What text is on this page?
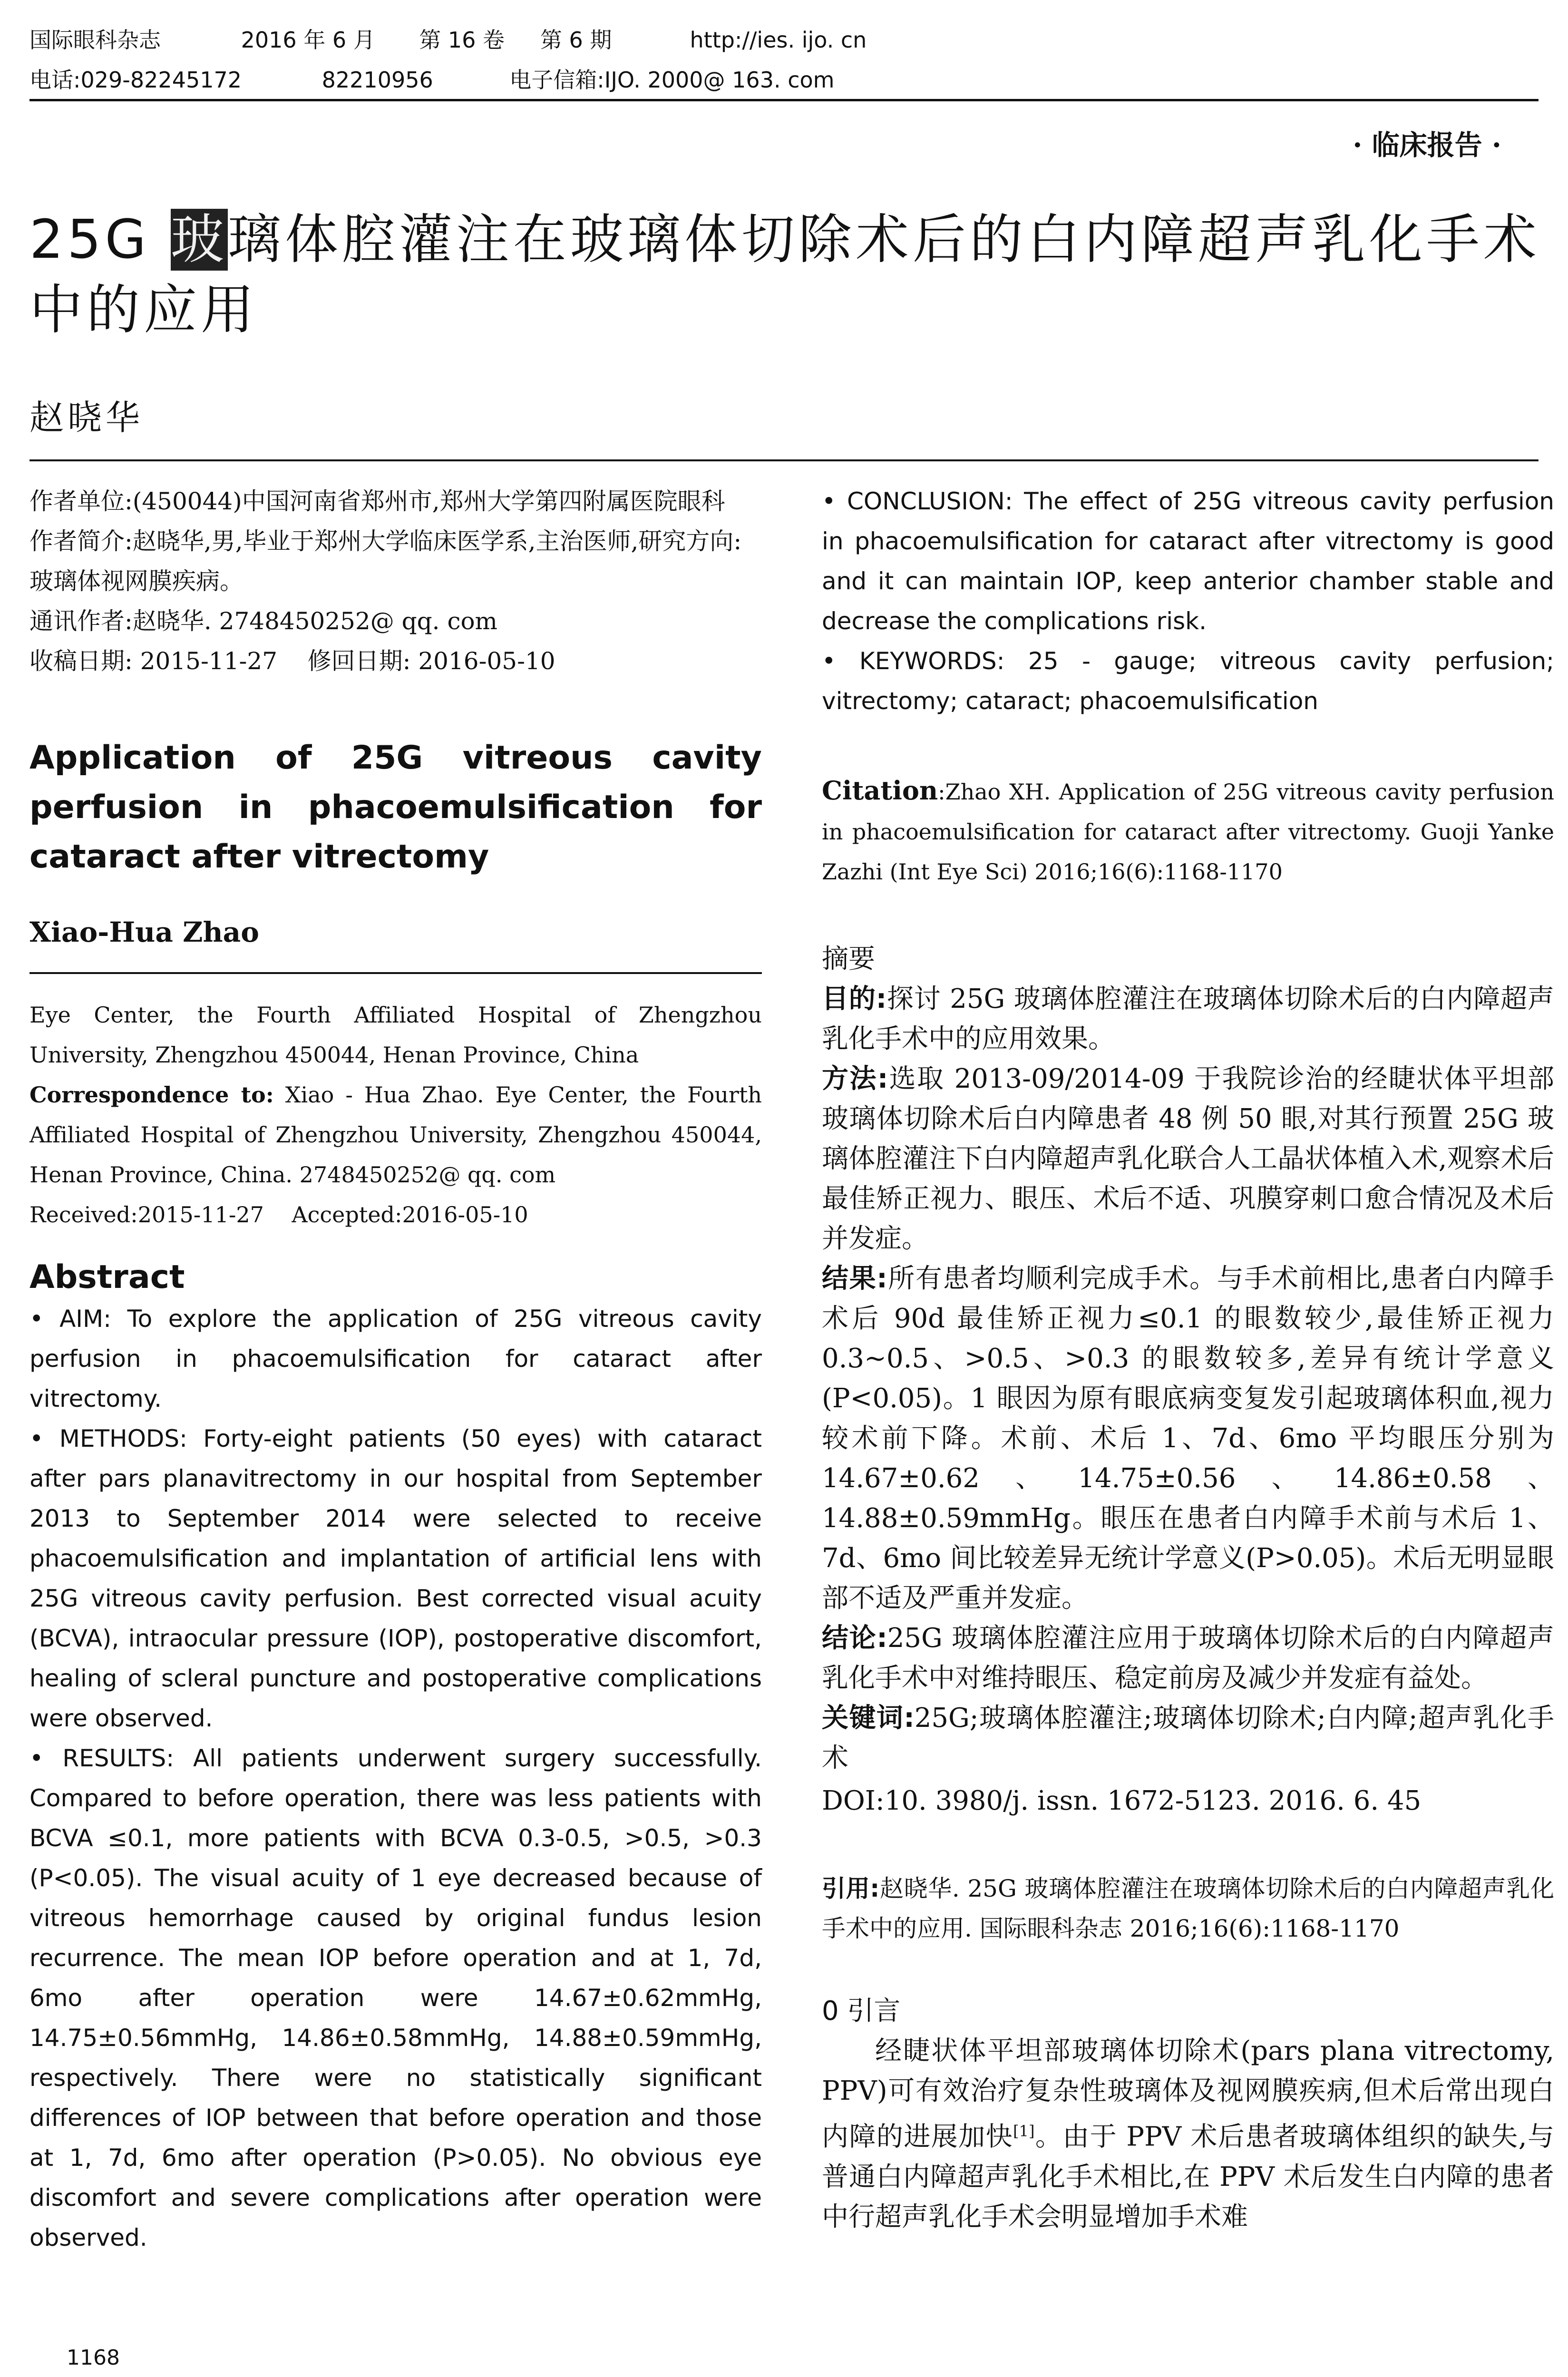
国际眼科杂志	2016 年 6 月 第 16 卷 第 6 期	http://ies. ijo. cn
电话:029-82245172	82210956	电子信箱:IJO. 2000@ 163. com
· 临床报告 ·
25G 玻璃体腔灌注在玻璃体切除术后的白内障超声乳化手术中的应用
赵晓华
作者单位:(450044)中国河南省郑州市,郑州大学第四附属医院眼科
作者简介:赵晓华,男,毕业于郑州大学临床医学系,主治医师,研究方向:玻璃体视网膜疾病。
通讯作者:赵晓华. 2748450252@ qq. com
收稿日期: 2015-11-27    修回日期: 2016-05-10
Application of 25G vitreous cavity perfusion in phacoemulsification for cataract after vitrectomy
Xiao-Hua Zhao
Eye Center, the Fourth Affiliated Hospital of Zhengzhou University, Zhengzhou 450044, Henan Province, China
Correspondence to: Xiao - Hua Zhao. Eye Center, the Fourth Affiliated Hospital of Zhengzhou University, Zhengzhou 450044, Henan Province, China. 2748450252@ qq. com
Received:2015-11-27    Accepted:2016-05-10
Abstract

• AIM: To explore the application of 25G vitreous cavity perfusion in phacoemulsification for cataract after vitrectomy.

• METHODS: Forty-eight patients (50 eyes) with cataract after pars planavitrectomy in our hospital from September 2013 to September 2014 were selected to receive phacoemulsification and implantation of artificial lens with 25G vitreous cavity perfusion. Best corrected visual acuity (BCVA), intraocular pressure (IOP), postoperative discomfort, healing of scleral puncture and postoperative complications were observed.

• RESULTS: All patients underwent surgery successfully. Compared to before operation, there was less patients with BCVA ≤0.1, more patients with BCVA 0.3-0.5, >0.5, >0.3 (P<0.05). The visual acuity of 1 eye decreased because of vitreous hemorrhage caused by original fundus lesion recurrence. The mean IOP before operation and at 1, 7d, 6mo after operation were 14.67±0.62mmHg, 14.75±0.56mmHg, 14.86±0.58mmHg, 14.88±0.59mmHg, respectively. There were no statistically significant differences of IOP between that before operation and those at 1, 7d, 6mo after operation (P>0.05). No obvious eye discomfort and severe complications after operation were observed.

• CONCLUSION: The effect of 25G vitreous cavity perfusion in phacoemulsification for cataract after vitrectomy is good and it can maintain IOP, keep anterior chamber stable and decrease the complications risk.

• KEYWORDS: 25 - gauge; vitreous cavity perfusion; vitrectomy; cataract; phacoemulsification

Citation:Zhao XH. Application of 25G vitreous cavity perfusion in phacoemulsification for cataract after vitrectomy. Guoji Yanke Zazhi (Int Eye Sci) 2016;16(6):1168-1170
摘要
目的:探讨 25G 玻璃体腔灌注在玻璃体切除术后的白内障超声乳化手术中的应用效果。
方法:选取 2013-09/2014-09 于我院诊治的经睫状体平坦部玻璃体切除术后白内障患者 48 例 50 眼,对其行预置 25G 玻璃体腔灌注下白内障超声乳化联合人工晶状体植入术,观察术后最佳矫正视力、眼压、术后不适、巩膜穿刺口愈合情况及术后并发症。
结果:所有患者均顺利完成手术。与手术前相比,患者白内障手术后 90d 最佳矫正视力≤0.1 的眼数较少,最佳矫正视力 0.3~0.5、>0.5、>0.3 的眼数较多,差异有统计学意义(P<0.05)。1 眼因为原有眼底病变复发引起玻璃体积血,视力较术前下降。术前、术后 1、7d、6mo 平均眼压分别为 14.67±0.62、14.75±0.56、14.86±0.58、14.88±0.59mmHg。眼压在患者白内障手术前与术后 1、7d、6mo 间比较差异无统计学意义(P>0.05)。术后无明显眼部不适及严重并发症。
结论:25G 玻璃体腔灌注应用于玻璃体切除术后的白内障超声乳化手术中对维持眼压、稳定前房及减少并发症有益处。
关键词:25G;玻璃体腔灌注;玻璃体切除术;白内障;超声乳化手术
DOI:10. 3980/j. issn. 1672-5123. 2016. 6. 45
引用:赵晓华. 25G 玻璃体腔灌注在玻璃体切除术后的白内障超声乳化手术中的应用. 国际眼科杂志 2016;16(6):1168-1170
0 引言
经睫状体平坦部玻璃体切除术(pars plana vitrectomy, PPV)可有效治疗复杂性玻璃体及视网膜疾病,但术后常出现白内障的进展加快[1]。由于 PPV 术后患者玻璃体组织的缺失,与普通白内障超声乳化手术相比,在 PPV 术后发生白内障的患者中行超声乳化手术会明显增加手术难
1168
